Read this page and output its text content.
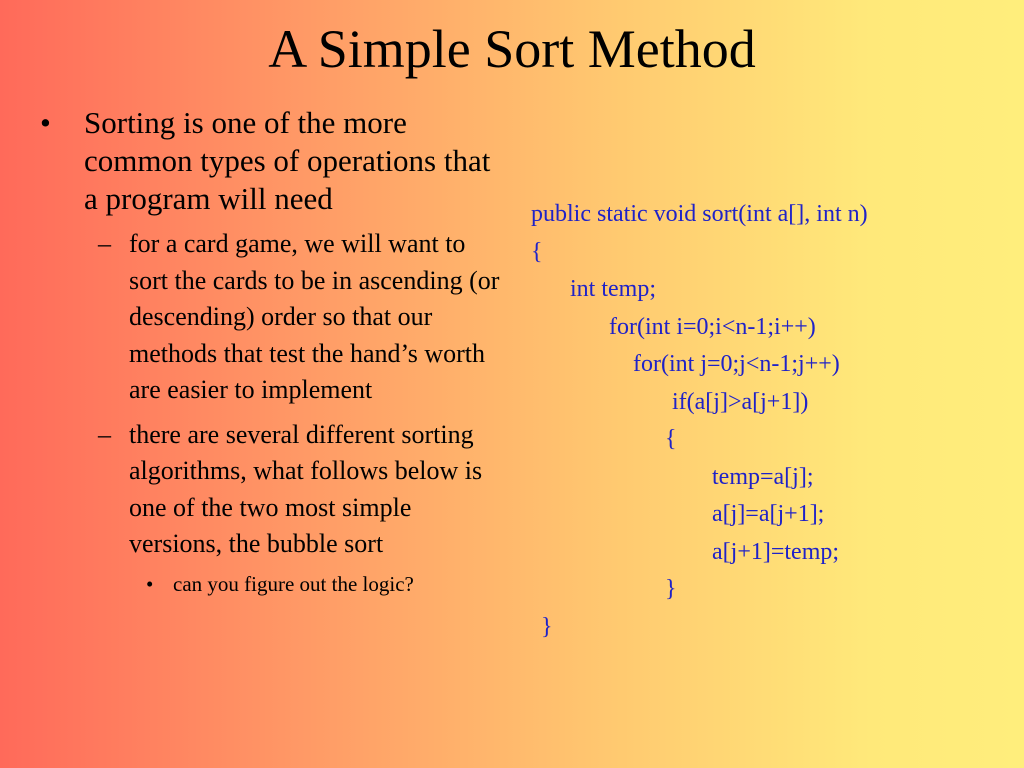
A Simple Sort Method
• Sorting is one of the more common types of operations that a program will need
– for a card game, we will want to sort the cards to be in ascending (or descending) order so that our methods that test the hand’s worth are easier to implement
– there are several different sorting algorithms, what follows below is one of the two most simple versions, the bubble sort
• can you figure out the logic?
public static void sort(int a[], int n)
{
int temp;
for(int i=0;i<n-1;i++)
for(int j=0;j<n-1;j++)
if(a[j]>a[j+1])
{
temp=a[j];
a[j]=a[j+1];
a[j+1]=temp;
}
}
